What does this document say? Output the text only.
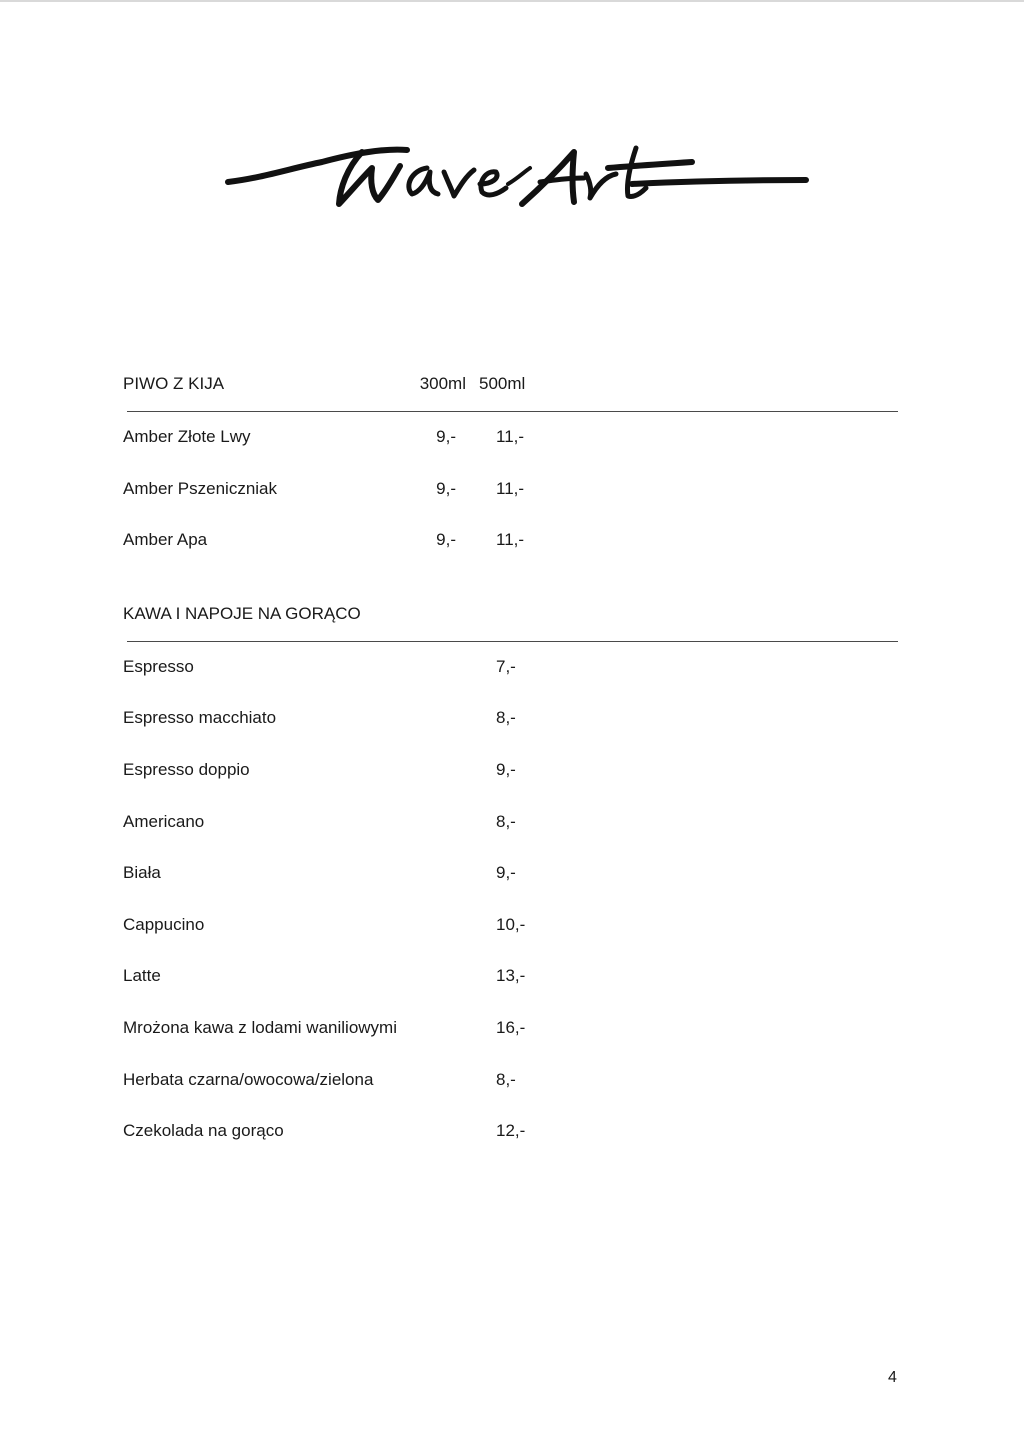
PIWO Z KIJA	300ml 500ml
Amber Złote Lwy	9,- 11,-
Amber Pszeniczniak	9,- 11,-
Amber Apa	9,- 11,-
KAWA I NAPOJE NA GORĄCO
Espresso	7,-
Espresso macchiato	8,-
Espresso doppio	9,-
Americano	8,-
Biała	9,-
Cappucino	10,-
Latte	13,-
Mrożona kawa z lodami waniliowymi	16,-
Herbata czarna/owocowa/zielona	8,-
Czekolada na gorąco	12,-
4
